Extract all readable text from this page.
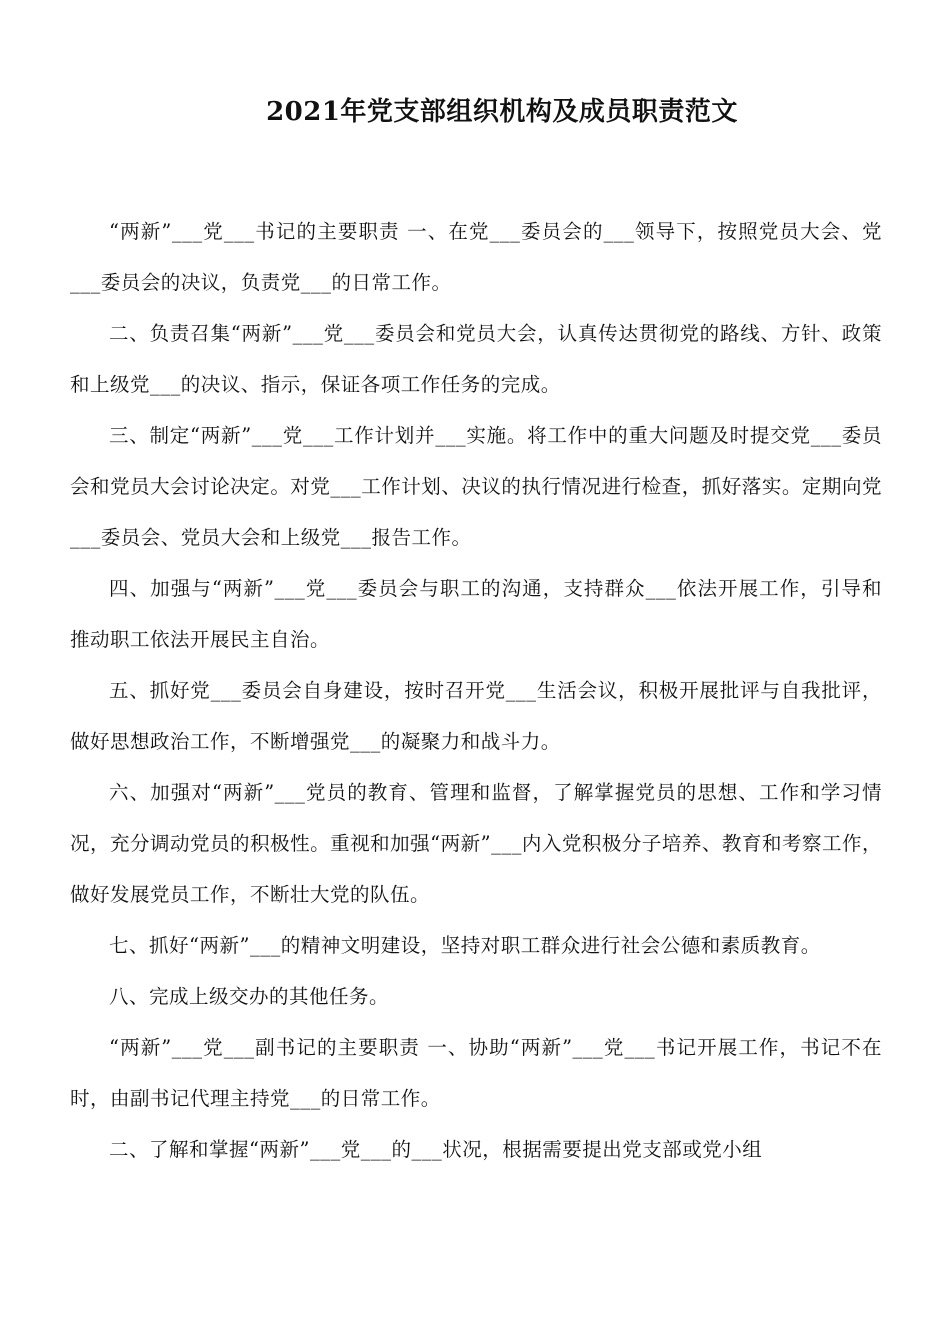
2021年党支部组织机构及成员职责范文

“两新”___党___书记的主要职责 一、在党___委员会的___领导下，按照党员大会、党___委员会的决议，负责党___的日常工作。

二、负责召集“两新”___党___委员会和党员大会，认真传达贯彻党的路线、方针、政策和上级党___的决议、指示，保证各项工作任务的完成。

三、制定“两新”___党___工作计划并___实施。将工作中的重大问题及时提交党___委员会和党员大会讨论决定。对党___工作计划、决议的执行情况进行检查，抓好落实。定期向党___委员会、党员大会和上级党___报告工作。

四、加强与“两新”___党___委员会与职工的沟通，支持群众___依法开展工作，引导和推动职工依法开展民主自治。

五、抓好党___委员会自身建设，按时召开党___生活会议，积极开展批评与自我批评，做好思想政治工作，不断增强党___的凝聚力和战斗力。

六、加强对“两新”___党员的教育、管理和监督，了解掌握党员的思想、工作和学习情况，充分调动党员的积极性。重视和加强“两新”___内入党积极分子培养、教育和考察工作，做好发展党员工作，不断壮大党的队伍。

七、抓好“两新”___的精神文明建设，坚持对职工群众进行社会公德和素质教育。

八、完成上级交办的其他任务。

“两新”___党___副书记的主要职责 一、协助“两新”___党___书记开展工作，书记不在时，由副书记代理主持党___的日常工作。

二、了解和掌握“两新”___党___的___状况，根据需要提出党支部或党小组
